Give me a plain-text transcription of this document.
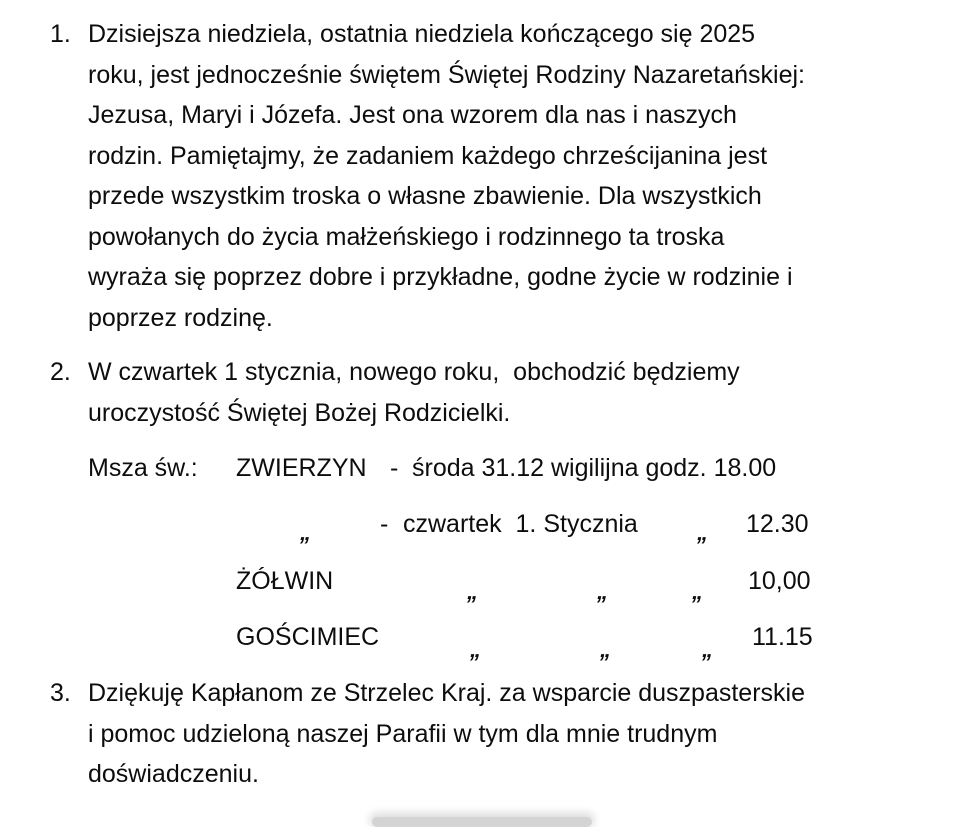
1. Dzisiejsza niedziela, ostatnia niedziela kończącego się 2025
roku, jest jednocześnie świętem Świętej Rodziny Nazaretańskiej:
Jezusa, Maryi i Józefa. Jest ona wzorem dla nas i naszych
rodzin. Pamiętajmy, że zadaniem każdego chrześcijanina jest
przede wszystkim troska o własne zbawienie. Dla wszystkich
powołanych do życia małżeńskiego i rodzinnego ta troska
wyraża się poprzez dobre i przykładne, godne życie w rodzinie i
poprzez rodzinę.
2. W czwartek 1 stycznia, nowego roku,  obchodzić będziemy
uroczystość Świętej Bożej Rodzicielki.
Msza św.: ZWIERZYN - środa 31.12 wigilijna godz. 18.00
„	- czwartek  1. Stycznia	„ 12.30
ŻÓŁWIN	„	„	„ 10,00
GOŚCIMIEC	„	„	„ 11.15
3. Dziękuję Kapłanom ze Strzelec Kraj. za wsparcie duszpasterskie
i pomoc udzieloną naszej Parafii w tym dla mnie trudnym
doświadczeniu.
